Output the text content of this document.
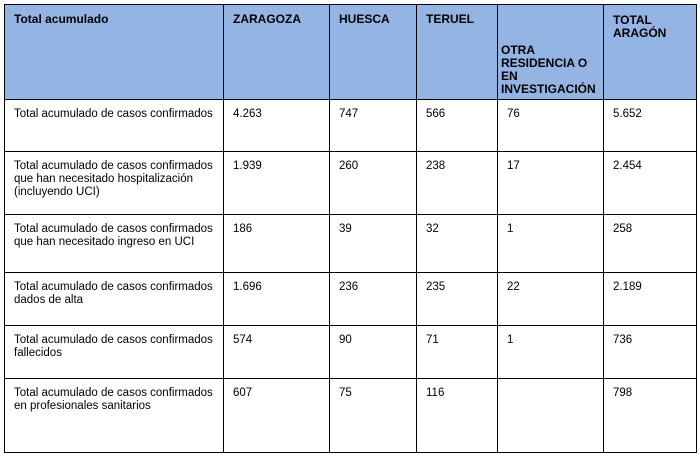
Total acumulado	ZARAGOZA	HUESCA	TERUEL	OTRA RESIDENCIA O EN INVESTIGACIÓN	TOTAL ARAGÓN
Total acumulado de casos confirmados	4.263	747	566	76	5.652
Total acumulado de casos confirmados que han necesitado hospitalización (incluyendo UCI)	1.939	260	238	17	2.454
Total acumulado de casos confirmados que han necesitado ingreso en UCI	186	39	32	1	258
Total acumulado de casos confirmados dados de alta	1.696	236	235	22	2.189
Total acumulado de casos confirmados fallecidos	574	90	71	1	736
Total acumulado de casos confirmados en profesionales sanitarios	607	75	116		798
